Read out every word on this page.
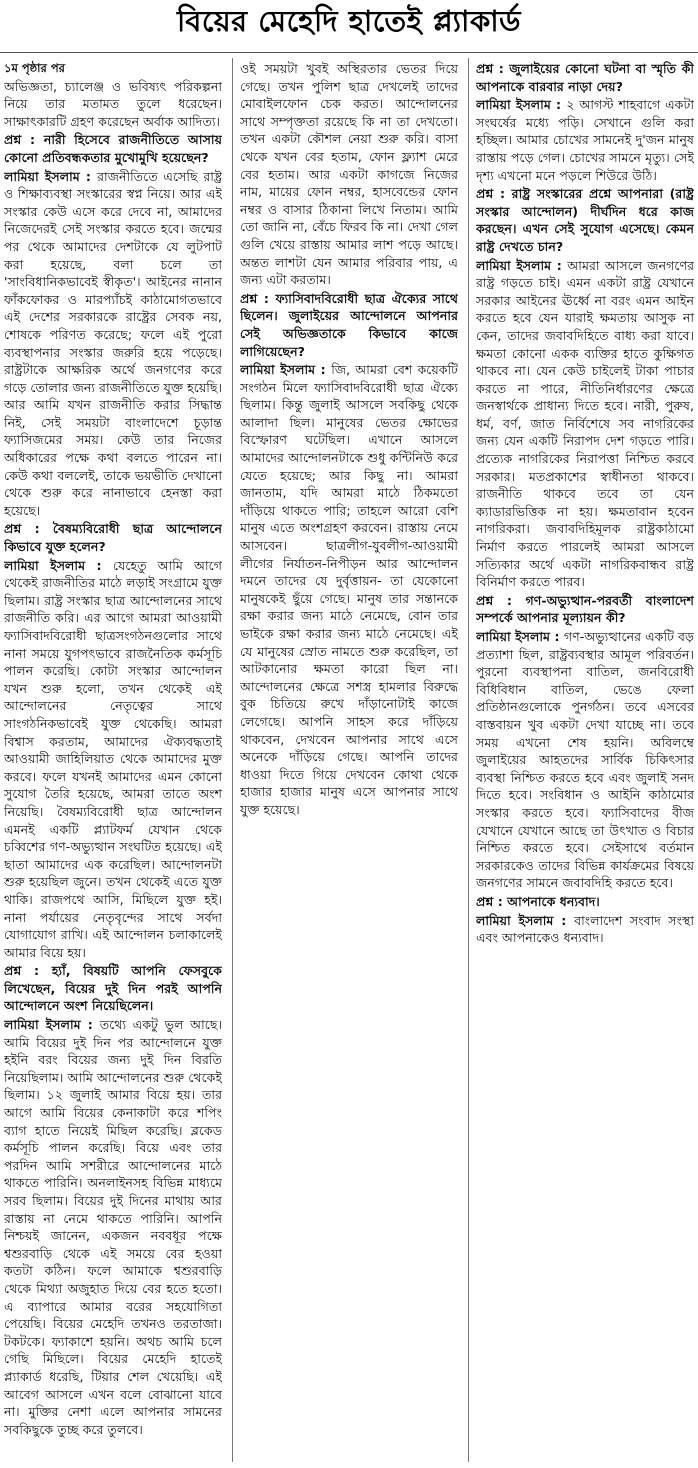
বিয়ের মেহেদি হাতেই প্ল্যাকার্ড
১ম পৃষ্ঠার পর

অভিজ্ঞতা, চ্যালেঞ্জ ও ভবিষ্যৎ পরিকল্পনা নিয়ে তার মতামত তুলে ধরেছেন। সাক্ষাৎকারটি গ্রহণ করেছেন অর্বাক আদিত্য।

প্রশ্ন : নারী হিসেবে রাজনীতিতে আসায় কোনো প্রতিবন্ধকতার মুখোমুখি হয়েছেন?

লামিয়া ইসলাম : রাজনীতিতে এসেছি রাষ্ট্র ও শিক্ষাব্যবস্থা সংস্কারের স্বপ্ন নিয়ে। আর এই সংস্কার কেউ এসে করে দেবে না, আমাদের নিজেদেরই সেই সংস্কার করতে হবে। জন্মের পর থেকে আমাদের দেশটাকে যে লুটপাট করা হয়েছে, বলা চলে তা 'সাংবিধানিকভাবেই স্বীকৃত'। আইনের নানান ফাঁকফোকর ও মারপ্যাঁচই কাঠামোগতভাবে এই দেশের সরকারকে রাষ্ট্রের সেবক নয়, শোষকে পরিণত করেছে; ফলে এই পুরো ব্যবস্থাপনার সংস্কার জরুরি হয়ে পড়েছে। রাষ্ট্রটাকে আক্ষরিক অর্থে জনগণের করে গড়ে তোলার জন্য রাজনীতিতে যুক্ত হয়েছি। আর আমি যখন রাজনীতি করার সিদ্ধান্ত নিই, সেই সময়টা বাংলাদেশে চূড়ান্ত ফ্যাসিজমের সময়। কেউ তার নিজের অধিকারের পক্ষে কথা বলতে পারেন না। কেউ কথা বললেই, তাকে ভয়ভীতি দেখানো থেকে শুরু করে নানাভাবে হেনস্তা করা হয়েছে।

প্রশ্ন : বৈষম্যবিরোধী ছাত্র আন্দোলনে কিভাবে যুক্ত হলেন?

লামিয়া ইসলাম : যেহেতু আমি আগে থেকেই রাজনীতির মাঠে লড়াই সংগ্রামে যুক্ত ছিলাম। রাষ্ট্র সংস্কার ছাত্র আন্দোলনের সাথে রাজনীতি করি। এর আগে আমরা আওয়ামী ফ্যাসিবাদবিরোধী ছাত্রসংগঠনগুলোর সাথে নানা সময়ে যুগপৎভাবে রাজনৈতিক কর্মসূচি পালন করেছি। কোটা সংস্কার আন্দোলন যখন শুরু হলো, তখন থেকেই এই আন্দোলনের নেতৃত্বের সাথে সাংগঠনিকভাবেই যুক্ত থেকেছি। আমরা বিশ্বাস করতাম, আমাদের ঐক্যবদ্ধতাই আওয়ামী জাহিলিয়াত থেকে আমাদের মুক্ত করবে। ফলে যখনই আমাদের এমন কোনো সুযোগ তৈরি হয়েছে, আমরা তাতে অংশ নিয়েছি। বৈষম্যবিরোধী ছাত্র আন্দোলন এমনই একটি প্ল্যাটফর্ম যেখান থেকে চব্বিশের গণ-অভ্যুত্থান সংঘটিত হয়েছে। এই ছাতা আমাদের এক করেছিল। আন্দোলনটা শুরু হয়েছিল জুনে। তখন থেকেই এতে যুক্ত থাকি। রাজপথে আসি, মিছিলে যুক্ত হই। নানা পর্যায়ের নেতৃবৃন্দের সাথে সর্বদা যোগাযোগ রাখি। এই আন্দোলন চলাকালেই আমার বিয়ে হয়।

প্রশ্ন : হ্যাঁ, বিষয়টি আপনি ফেসবুকে লিখেছেন, বিয়ের দুই দিন পরই আপনি আন্দোলনে অংশ নিয়েছিলেন।

লামিয়া ইসলাম : তথ্যে একটু ভুল আছে। আমি বিয়ের দুই দিন পর আন্দোলনে যুক্ত হইনি বরং বিয়ের জন্য দুই দিন বিরতি নিয়েছিলাম। আমি আন্দোলনের শুরু থেকেই ছিলাম। ১২ জুলাই আমার বিয়ে হয়। তার আগে আমি বিয়ের কেনাকাটা করে শপিং ব্যাগ হাতে নিয়েই মিছিল করেছি। ব্লকেড কর্মসূচি পালন করেছি। বিয়ে এবং তার পরদিন আমি সশরীরে আন্দোলনের মাঠে থাকতে পারিনি। অনলাইনসহ বিভিন্ন মাধ্যমে সরব ছিলাম। বিয়ের দুই দিনের মাথায় আর রাস্তায় না নেমে থাকতে পারিনি। আপনি নিশ্চয়ই জানেন, একজন নববধূর পক্ষে শ্বশুরবাড়ি থেকে এই সময়ে বের হওয়া কতটা কঠিন। ফলে আমাকে শ্বশুরবাড়ি থেকে মিথ্যা অজুহাত দিয়ে বের হতে হতো। এ ব্যাপারে আমার বরের সহযোগিতা পেয়েছি। বিয়ের মেহেদি তখনও তরতাজা। টকটকে। ফ্যাকাশে হয়নি। অথচ আমি চলে গেছি মিছিলে। বিয়ের মেহেদি হাতেই প্ল্যাকার্ড ধরেছি, টিয়ার শেল খেয়েছি। এই আবেগ আসলে এখন বলে বোঝানো যাবে না। মুক্তির নেশা এলে আপনার সামনের সবকিছুকে তুচ্ছ করে তুলবে।

ওই সময়টা খুবই অস্থিরতার ভেতর দিয়ে গেছে। তখন পুলিশ ছাত্র দেখলেই তাদের মোবাইলফোন চেক করত। আন্দোলনের সাথে সম্পৃক্ততা রয়েছে কি না তা দেখতো। তখন একটা কৌশল নেয়া শুরু করি। বাসা থেকে যখন বের হতাম, ফোন ফ্ল্যাশ মেরে বের হতাম। আর একটা কাগজে নিজের নাম, মায়ের ফোন নম্বর, হাসবেন্ডের ফোন নম্বর ও বাসার ঠিকানা লিখে নিতাম। আমি তো জানি না, বেঁচে ফিরব কি না। দেখা গেল গুলি খেয়ে রাস্তায় আমার লাশ পড়ে আছে। অন্তত লাশটা যেন আমার পরিবার পায়, এ জন্য এটা করতাম।

প্রশ্ন : ফ্যাসিবাদবিরোধী ছাত্র ঐক্যের সাথে ছিলেন। জুলাইয়ের আন্দোলনে আপনার সেই অভিজ্ঞতাকে কিভাবে কাজে লাগিয়েছেন?

লামিয়া ইসলাম : জি, আমরা বেশ কয়েকটি সংগঠন মিলে ফ্যাসিবাদবিরোধী ছাত্র ঐক্যে ছিলাম। কিন্তু জুলাই আসলে সবকিছু থেকে আলাদা ছিল। মানুষের ভেতর ক্ষোভের বিস্ফোরণ ঘটেছিল। এখানে আসলে আমাদের আন্দোলনটাকে শুধু কন্টিনিউ করে যেতে হয়েছে; আর কিছু না। আমরা জানতাম, যদি আমরা মাঠে ঠিকমতো দাঁড়িয়ে থাকতে পারি; তাহলে আরো বেশি মানুষ এতে অংশগ্রহণ করবেন। রাস্তায় নেমে আসবেন। ছাত্রলীগ-যুবলীগ-আওয়ামী লীগের নির্যাতন-নিপীড়ন আর আন্দোলন দমনে তাদের যে দুর্বৃত্তায়ন- তা যেকোনো মানুষকেই ছুঁয়ে গেছে। মানুষ তার সন্তানকে রক্ষা করার জন্য মাঠে নেমেছে, বোন তার ভাইকে রক্ষা করার জন্য মাঠে নেমেছে। এই যে মানুষের স্রোত নামতে শুরু করেছিল, তা আটকানোর ক্ষমতা কারো ছিল না। আন্দোলনের ক্ষেত্রে সশস্ত্র হামলার বিরুদ্ধে বুক চিতিয়ে রুখে দাঁড়ানোটাই কাজে লেগেছে। আপনি সাহস করে দাঁড়িয়ে থাকবেন, দেখবেন আপনার সাথে এসে অনেকে দাঁড়িয়ে গেছে। আপনি তাদের ধাওয়া দিতে গিয়ে দেখবেন কোথা থেকে হাজার হাজার মানুষ এসে আপনার সাথে যুক্ত হয়েছে।

প্রশ্ন : জুলাইয়ের কোনো ঘটনা বা স্মৃতি কী আপনাকে বারবার নাড়া দেয়?

লামিয়া ইসলাম : ২ আগস্ট শাহবাগে একটা সংঘর্ষের মধ্যে পড়ি। সেখানে গুলি করা হচ্ছিল। আমার চোখের সামনেই দু'জন মানুষ রাস্তায় পড়ে গেল। চোখের সামনে মৃত্যু। সেই দৃশ্য এখনো মনে পড়লে শিউরে উঠি।

প্রশ্ন : রাষ্ট্র সংস্কারের প্রশ্নে আপনারা (রাষ্ট্র সংস্কার আন্দোলন) দীর্ঘদিন ধরে কাজ করছেন। এখন সেই সুযোগ এসেছে। কেমন রাষ্ট্র দেখতে চান?

লামিয়া ইসলাম : আমরা আসলে জনগণের রাষ্ট্র গড়তে চাই। এমন একটা রাষ্ট্র যেখানে সরকার আইনের ঊর্ধ্বে না বরং এমন আইন করতে হবে যেন যারাই ক্ষমতায় আসুক না কেন, তাদের জবাবদিহিতে বাধ্য করা যাবে। ক্ষমতা কোনো একক ব্যক্তির হাতে কুক্ষিগত থাকবে না। যেন কেউ চাইলেই টাকা পাচার করতে না পারে, নীতিনির্ধারণের ক্ষেত্রে জনস্বার্থকে প্রাধান্য দিতে হবে। নারী, পুরুষ, ধর্ম, বর্ণ, জাত নির্বিশেষে সব নাগরিকের জন্য যেন একটি নিরাপদ দেশ গড়তে পারি। প্রত্যেক নাগরিকের নিরাপত্তা নিশ্চিত করবে সরকার। মতপ্রকাশের স্বাধীনতা থাকবে। রাজনীতি থাকবে তবে তা যেন ক্যাডারভিত্তিক না হয়। ক্ষমতাবান হবেন নাগরিকরা। জবাবদিহিমূলক রাষ্ট্রকাঠামো নির্মাণ করতে পারলেই আমরা আসলে সত্যিকার অর্থে একটা নাগরিকবান্ধব রাষ্ট্র বিনির্মাণ করতে পারব।

প্রশ্ন : গণ-অভ্যুত্থান-পরবর্তী বাংলাদেশ সম্পর্কে আপনার মূল্যায়ন কী?

লামিয়া ইসলাম : গণ-অভ্যুত্থানের একটি বড় প্রত্যাশা ছিল, রাষ্ট্রব্যবস্থার আমূল পরিবর্তন। পুরনো ব্যবস্থাপনা বাতিল, জনবিরোধী বিধিবিধান বাতিল, ভেঙে ফেলা প্রতিষ্ঠানগুলোকে পুনর্গঠন। তবে এসবের বাস্তবায়ন খুব একটা দেখা যাচ্ছে না। তবে সময় এখনো শেষ হয়নি। অবিলম্বে জুলাইয়ের আহতদের সার্বিক চিকিৎসার ব্যবস্থা নিশ্চিত করতে হবে এবং জুলাই সনদ দিতে হবে। সংবিধান ও আইনি কাঠামোর সংস্কার করতে হবে। ফ্যাসিবাদের বীজ যেখানে যেখানে আছে তা উৎখাত ও বিচার নিশ্চিত করতে হবে। সেইসাথে বর্তমান সরকারকেও তাদের বিভিন্ন কার্যক্রমের বিষয়ে জনগণের সামনে জবাবদিহি করতে হবে।

প্রশ্ন : আপনাকে ধন্যবাদ।

লামিয়া ইসলাম : বাংলাদেশ সংবাদ সংস্থা এবং আপনাকেও ধন্যবাদ।
